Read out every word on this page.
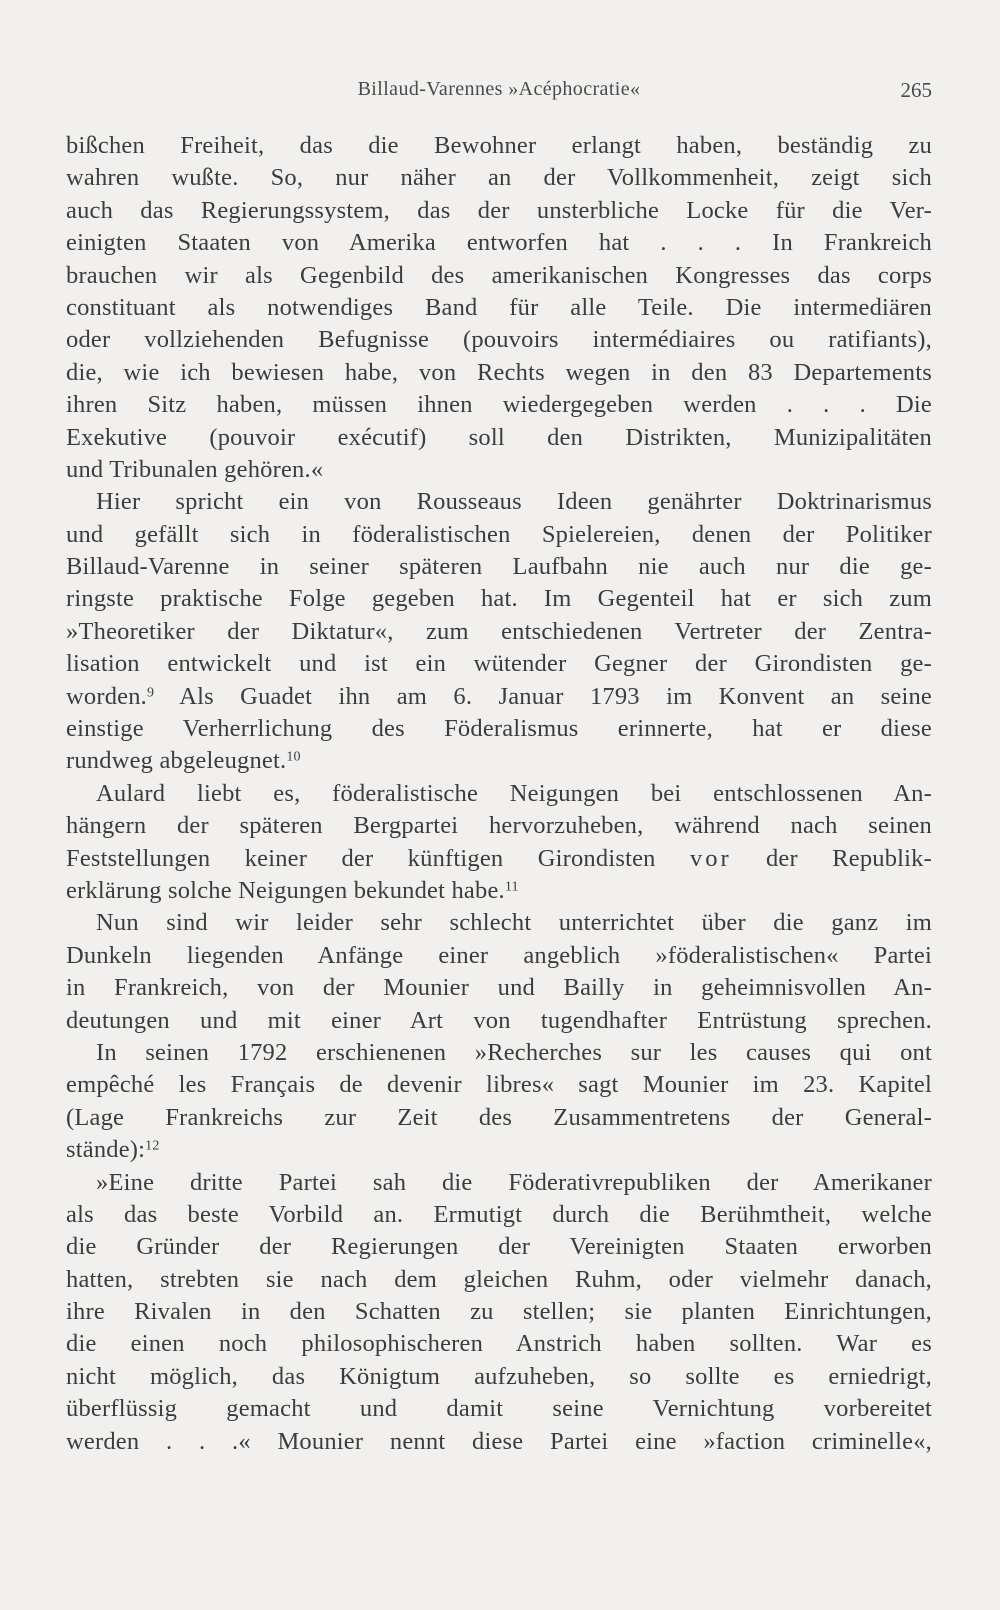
Billaud-Varennes »Acéphocratie«	265
bißchen Freiheit, das die Bewohner erlangt haben, beständig zu
wahren wußte. So, nur näher an der Vollkommenheit, zeigt sich
auch das Regierungssystem, das der unsterbliche Locke für die Ver-
einigten Staaten von Amerika entworfen hat . . . In Frankreich
brauchen wir als Gegenbild des amerikanischen Kongresses das corps
constituant als notwendiges Band für alle Teile. Die intermediären
oder vollziehenden Befugnisse (pouvoirs intermédiaires ou ratifiants),
die, wie ich bewiesen habe, von Rechts wegen in den 83 Departements
ihren Sitz haben, müssen ihnen wiedergegeben werden . . . Die
Exekutive (pouvoir exécutif) soll den Distrikten, Munizipalitäten
und Tribunalen gehören.«
Hier spricht ein von Rousseaus Ideen genährter Doktrinarismus
und gefällt sich in föderalistischen Spielereien, denen der Politiker
Billaud-Varenne in seiner späteren Laufbahn nie auch nur die ge-
ringste praktische Folge gegeben hat. Im Gegenteil hat er sich zum
»Theoretiker der Diktatur«, zum entschiedenen Vertreter der Zentra-
lisation entwickelt und ist ein wütender Gegner der Girondisten ge-
worden.$^9$ Als Guadet ihn am 6. Januar 1793 im Konvent an seine
einstige Verherrlichung des Föderalismus erinnerte, hat er diese
rundweg abgeleugnet.$^{10}$
Aulard liebt es, föderalistische Neigungen bei entschlossenen An-
hängern der späteren Bergpartei hervorzuheben, während nach seinen
Feststellungen keiner der künftigen Girondisten vor der Republik-
erklärung solche Neigungen bekundet habe.$^{11}$
Nun sind wir leider sehr schlecht unterrichtet über die ganz im
Dunkeln liegenden Anfänge einer angeblich »föderalistischen« Partei
in Frankreich, von der Mounier und Bailly in geheimnisvollen An-
deutungen und mit einer Art von tugendhafter Entrüstung sprechen.
In seinen 1792 erschienenen »Recherches sur les causes qui ont
empêché les Français de devenir libres« sagt Mounier im 23. Kapitel
(Lage Frankreichs zur Zeit des Zusammentretens der General-
stände):$^{12}$
»Eine dritte Partei sah die Föderativrepubliken der Amerikaner
als das beste Vorbild an. Ermutigt durch die Berühmtheit, welche
die Gründer der Regierungen der Vereinigten Staaten erworben
hatten, strebten sie nach dem gleichen Ruhm, oder vielmehr danach,
ihre Rivalen in den Schatten zu stellen; sie planten Einrichtungen,
die einen noch philosophischeren Anstrich haben sollten. War es
nicht möglich, das Königtum aufzuheben, so sollte es erniedrigt,
überflüssig gemacht und damit seine Vernichtung vorbereitet
werden . . .« Mounier nennt diese Partei eine »faction criminelle«,
